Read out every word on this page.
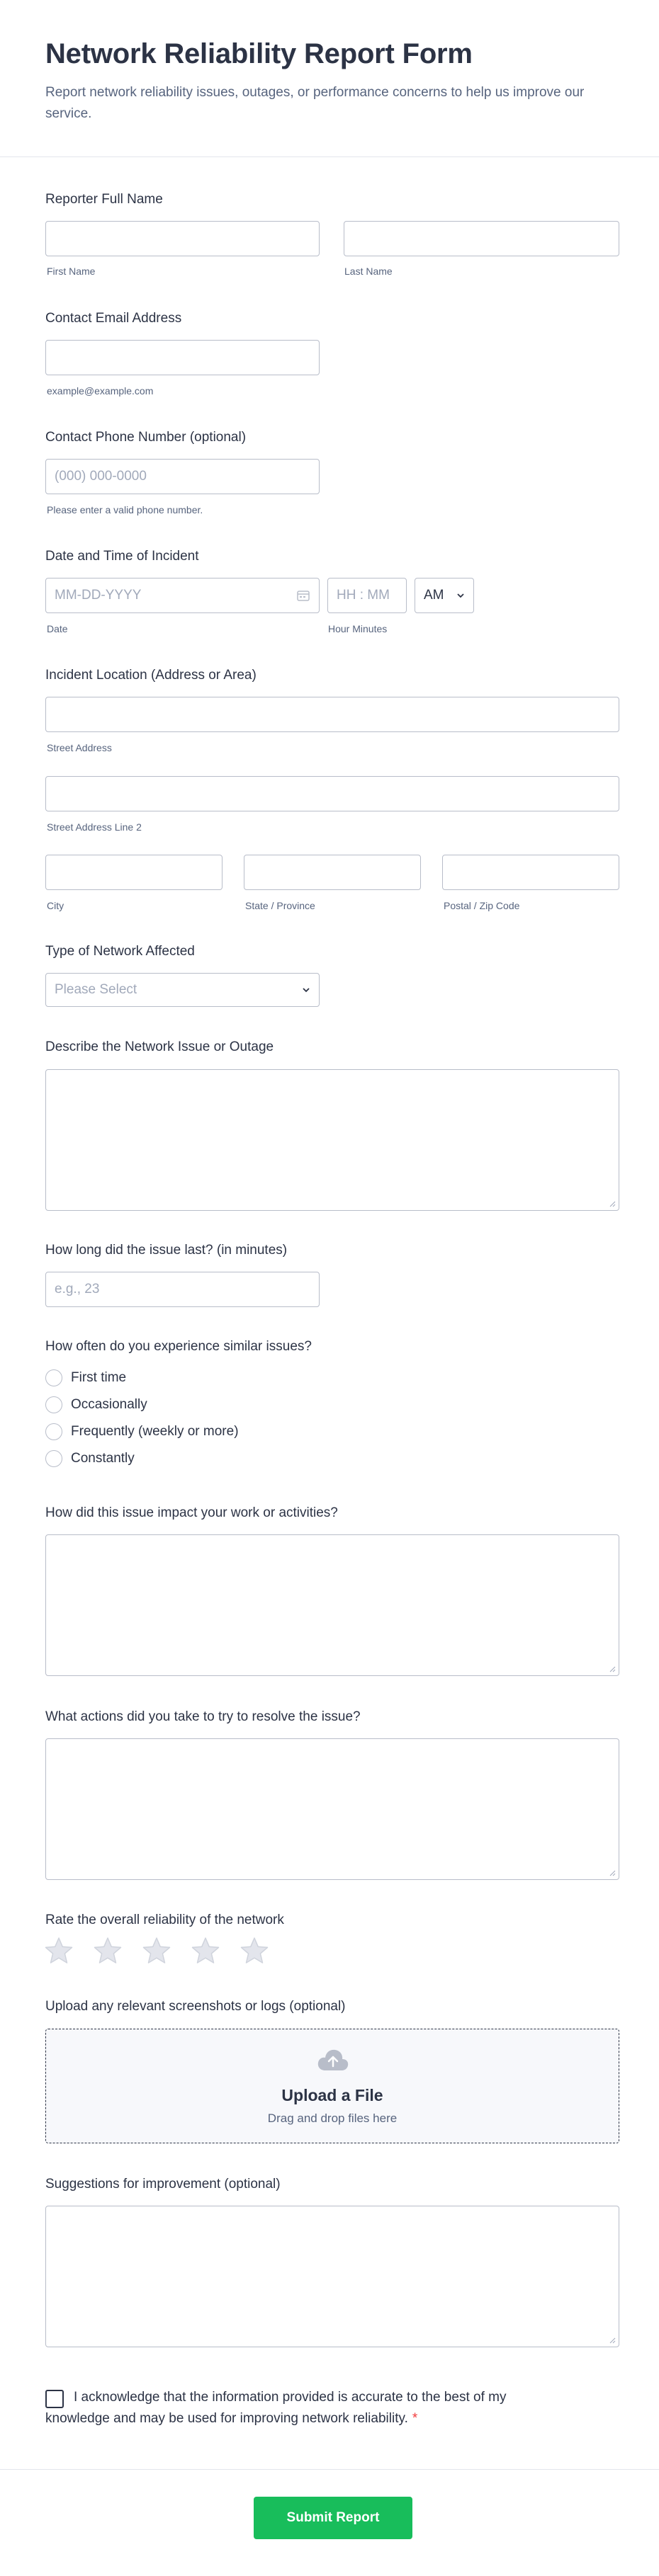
Network Reliability Report Form

Report network reliability issues, outages, or performance concerns to help us improve our service.

Reporter Full Name
First Name	Last Name
Contact Email Address
example@example.com
Contact Phone Number (optional)
(000) 000-0000
Please enter a valid phone number.
Date and Time of Incident
MM-DD-YYYY
HH : MM
AM
Date	Hour Minutes
Incident Location (Address or Area)
Street Address
Street Address Line 2
City	State / Province	Postal / Zip Code
Type of Network Affected
Please Select
Describe the Network Issue or Outage
How long did the issue last? (in minutes)
e.g., 23
How often do you experience similar issues?
First time
Occasionally
Frequently (weekly or more)
Constantly
How did this issue impact your work or activities?
What actions did you take to try to resolve the issue?
Rate the overall reliability of the network
Upload any relevant screenshots or logs (optional)
Upload a File
Drag and drop files here
Suggestions for improvement (optional)
I acknowledge that the information provided is accurate to the best of my knowledge and may be used for improving network reliability. *
Submit Report
